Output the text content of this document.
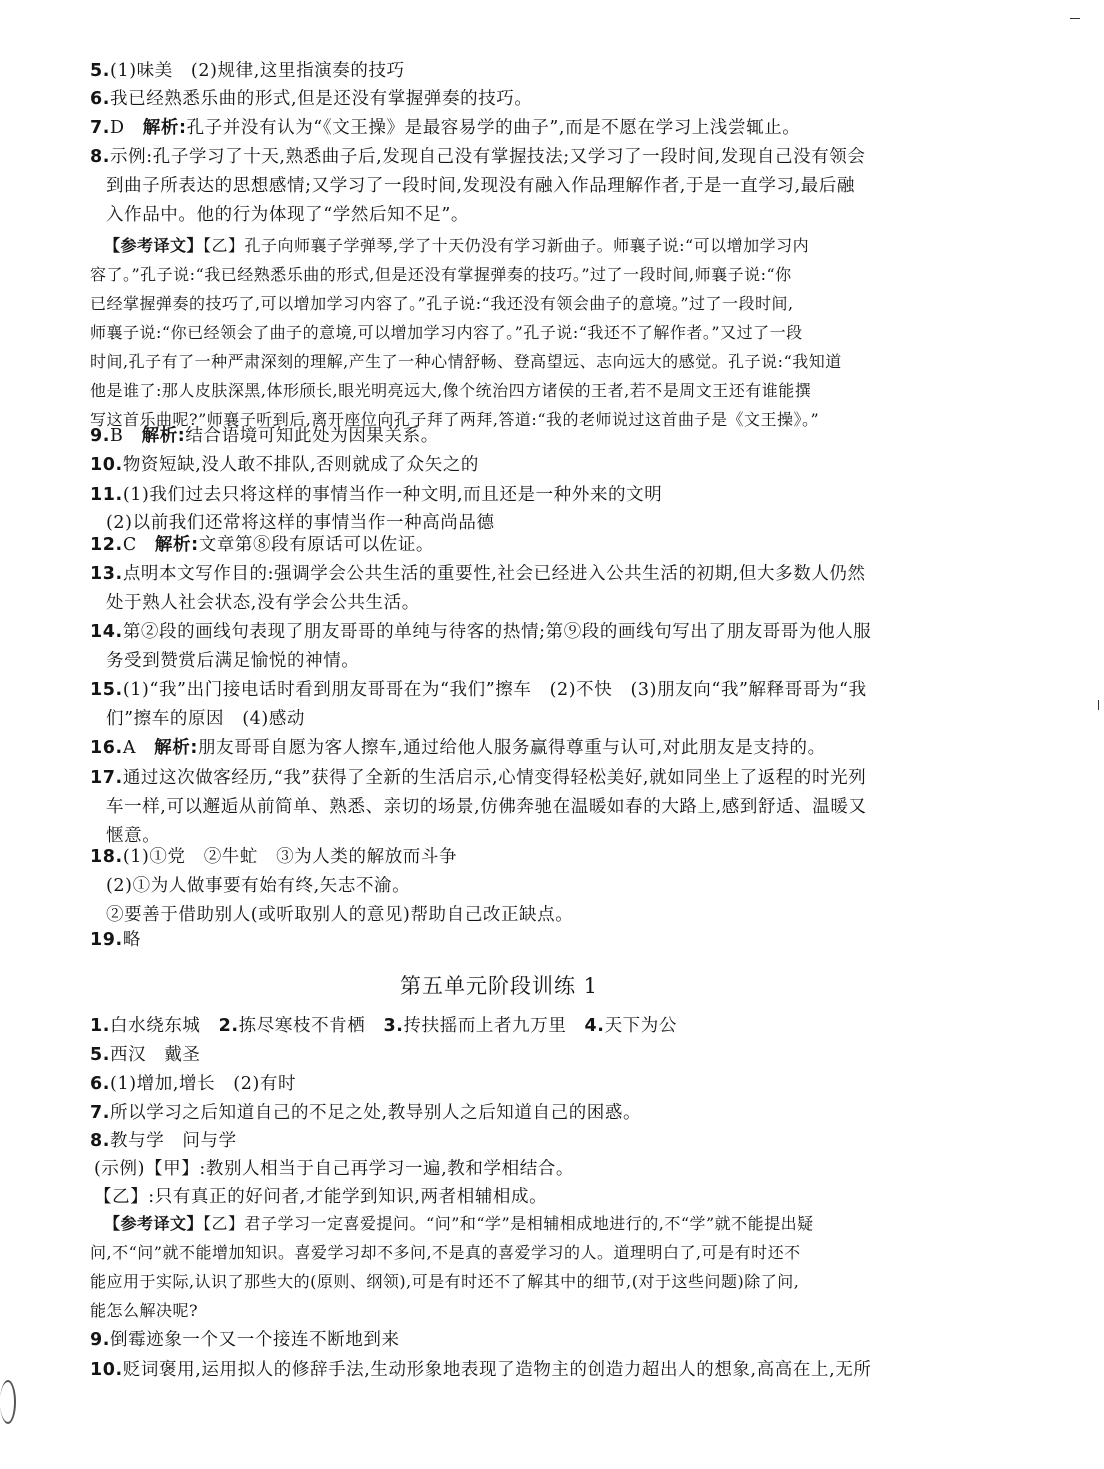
5.(1)味美　(2)规律,这里指演奏的技巧
6.我已经熟悉乐曲的形式,但是还没有掌握弹奏的技巧。
7.D　 解析:孔子并没有认为“《文王操》是最容易学的曲子”,而是不愿在学习上浅尝辄止。
8.示例:孔子学习了十天,熟悉曲子后,发现自己没有掌握技法;又学习了一段时间,发现自己没有领会
到曲子所表达的思想感情;又学习了一段时间,发现没有融入作品理解作者,于是一直学习,最后融
入作品中。他的行为体现了“学然后知不足”。
【参考译文】【乙】孔子向师襄子学弹琴,学了十天仍没有学习新曲子。师襄子说:“可以增加学习内
容了。”孔子说:“我已经熟悉乐曲的形式,但是还没有掌握弹奏的技巧。”过了一段时间,师襄子说:“你
已经掌握弹奏的技巧了,可以增加学习内容了。”孔子说:“我还没有领会曲子的意境。”过了一段时间,
师襄子说:“你已经领会了曲子的意境,可以增加学习内容了。”孔子说:“我还不了解作者。”又过了一段
时间,孔子有了一种严肃深刻的理解,产生了一种心情舒畅、登高望远、志向远大的感觉。孔子说:“我知道
他是谁了:那人皮肤深黑,体形颀长,眼光明亮远大,像个统治四方诸侯的王者,若不是周文王还有谁能撰
写这首乐曲呢?”师襄子听到后,离开座位向孔子拜了两拜,答道:“我的老师说过这首曲子是《文王操》。”
9.B　 解析:结合语境可知此处为因果关系。
10.物资短缺,没人敢不排队,否则就成了众矢之的
11.(1)我们过去只将这样的事情当作一种文明,而且还是一种外来的文明
(2)以前我们还常将这样的事情当作一种高尚品德
12.C　 解析:文章第⑧段有原话可以佐证。
13.点明本文写作目的:强调学会公共生活的重要性,社会已经进入公共生活的初期,但大多数人仍然
处于熟人社会状态,没有学会公共生活。
14.第②段的画线句表现了朋友哥哥的单纯与待客的热情;第⑨段的画线句写出了朋友哥哥为他人服
务受到赞赏后满足愉悦的神情。
15.(1)“我”出门接电话时看到朋友哥哥在为“我们”擦车　(2)不快　(3)朋友向“我”解释哥哥为“我
们”擦车的原因　(4)感动
16.A　 解析:朋友哥哥自愿为客人擦车,通过给他人服务赢得尊重与认可,对此朋友是支持的。
17.通过这次做客经历,“我”获得了全新的生活启示,心情变得轻松美好,就如同坐上了返程的时光列
车一样,可以邂逅从前简单、熟悉、亲切的场景,仿佛奔驰在温暖如春的大路上,感到舒适、温暖又
惬意。
18.(1)①党　②牛虻　③为人类的解放而斗争
(2)①为人做事要有始有终,矢志不渝。
②要善于借助别人(或听取别人的意见)帮助自己改正缺点。
19.略
第五单元阶段训练 1
1.白水绕东城　 2.拣尽寒枝不肯栖　 3.抟扶摇而上者九万里　 4.天下为公
5.西汉　戴圣
6.(1)增加,增长　(2)有时
7.所以学习之后知道自己的不足之处,教导别人之后知道自己的困惑。
8.教与学　问与学
(示例)【甲】:教别人相当于自己再学习一遍,教和学相结合。
【乙】:只有真正的好问者,才能学到知识,两者相辅相成。
【参考译文】【乙】君子学习一定喜爱提问。“问”和“学”是相辅相成地进行的,不“学”就不能提出疑
问,不“问”就不能增加知识。喜爱学习却不多问,不是真的喜爱学习的人。道理明白了,可是有时还不
能应用于实际,认识了那些大的(原则、纲领),可是有时还不了解其中的细节,(对于这些问题)除了问,
能怎么解决呢?
9.倒霉迹象一个又一个接连不断地到来
10.贬词褒用,运用拟人的修辞手法,生动形象地表现了造物主的创造力超出人的想象,高高在上,无所
